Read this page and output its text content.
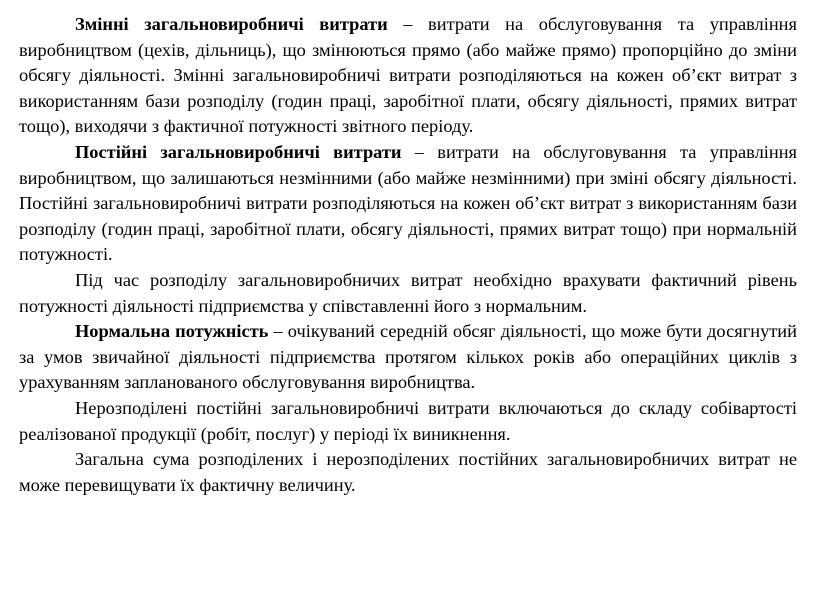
Змінні загальновиробничі витрати – витрати на обслуговування та управління виробництвом (цехів, дільниць), що змінюються прямо (або майже прямо) пропорційно до зміни обсягу діяльності. Змінні загальновиробничі витрати розподіляються на кожен об’єкт витрат з використанням бази розподілу (годин праці, заробітної плати, обсягу діяльності, прямих витрат тощо), виходячи з фактичної потужності звітного періоду.

Постійні загальновиробничі витрати – витрати на обслуговування та управління виробництвом, що залишаються незмінними (або майже незмінними) при зміні обсягу діяльності. Постійні загальновиробничі витрати розподіляються на кожен об’єкт витрат з використанням бази розподілу (годин праці, заробітної плати, обсягу діяльності, прямих витрат тощо) при нормальній потужності.

Під час розподілу загальновиробничих витрат необхідно врахувати фактичний рівень потужності діяльності підприємства у співставленні його з нормальним.

Нормальна потужність – очікуваний середній обсяг діяльності, що може бути досягнутий за умов звичайної діяльності підприємства протягом кількох років або операційних циклів з урахуванням запланованого обслуговування виробництва.

Нерозподілені постійні загальновиробничі витрати включаються до складу собівартості реалізованої продукції (робіт, послуг) у періоді їх виникнення.

Загальна сума розподілених і нерозподілених постійних загальновиробничих витрат не може перевищувати їх фактичну величину.
